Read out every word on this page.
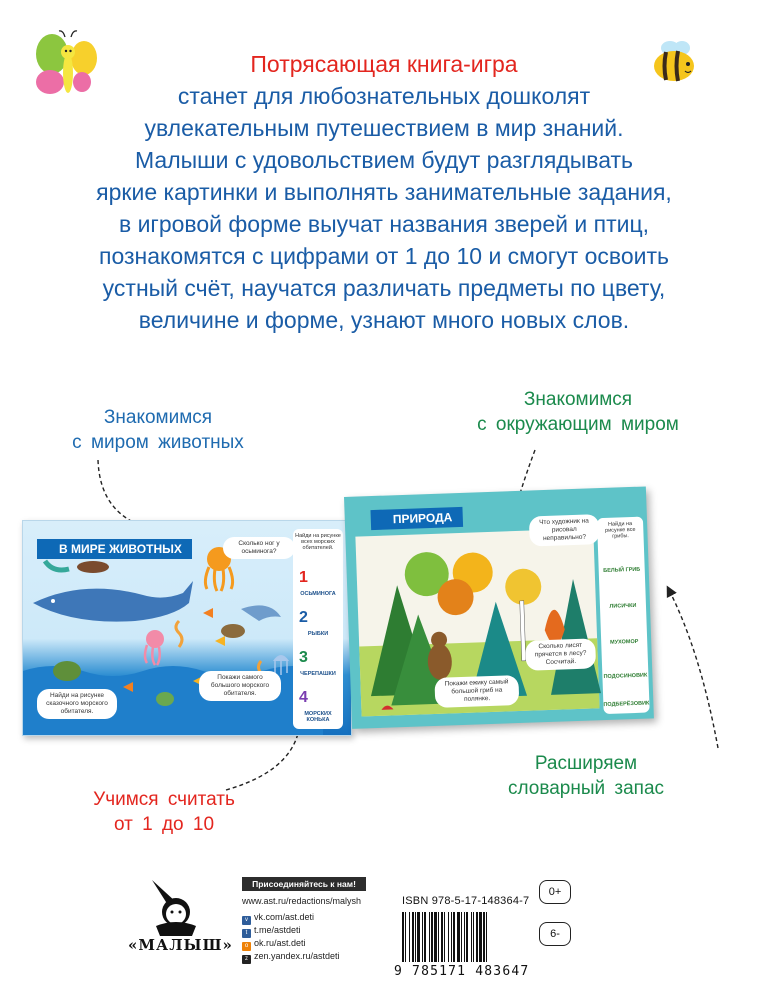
Потрясающая книга-игра
станет для любознательных дошколят
увлекательным путешествием в мир знаний.
Малыши с удовольствием будут разглядывать
яркие картинки и выполнять занимательные задания,
в игровой форме выучат названия зверей и птиц,
познакомятся с цифрами от 1 до 10 и смогут освоить
устный счёт, научатся различать предметы по цвету,
величине и форме, узнают много новых слов.
Знакомимся
с миром животных
Знакомимся
с окружающим миром
Учимся считать
от 1 до 10
Расширяем
словарный запас
В МИРЕ ЖИВОТНЫХ	Сколько ног у осьминога?
Покажи самого большого морского обитателя.
Найди на рисунке сказочного морского обитателя.
Найди на рисунке всех морских обитателей.
1
ОСЬМИНОГА
2
РЫБКИ
3
ЧЕРЕПАШКИ
4
МОРСКИХ КОНЬКА
ПРИРОДА	Что художник на рисовал неправильно?
Покажи ежику самый большой гриб на полянке.
Сколько лисят прячется в лесу? Сосчитай.
Найди на рисунке все грибы.
БЕЛЫЙ ГРИБ
ЛИСИЧКИ
МУХОМОР
ПОДОСИНОВИК
ПОДБЕРЁЗОВИК
«МАЛЫШ»
Присоединяйтесь к нам!
www.ast.ru/redactions/malysh
v vk.com/ast.deti
t t.me/astdeti
o ok.ru/ast.deti
z zen.yandex.ru/astdeti
ISBN 978-5-17-148364-7
9 785171 483647
0+
6-
